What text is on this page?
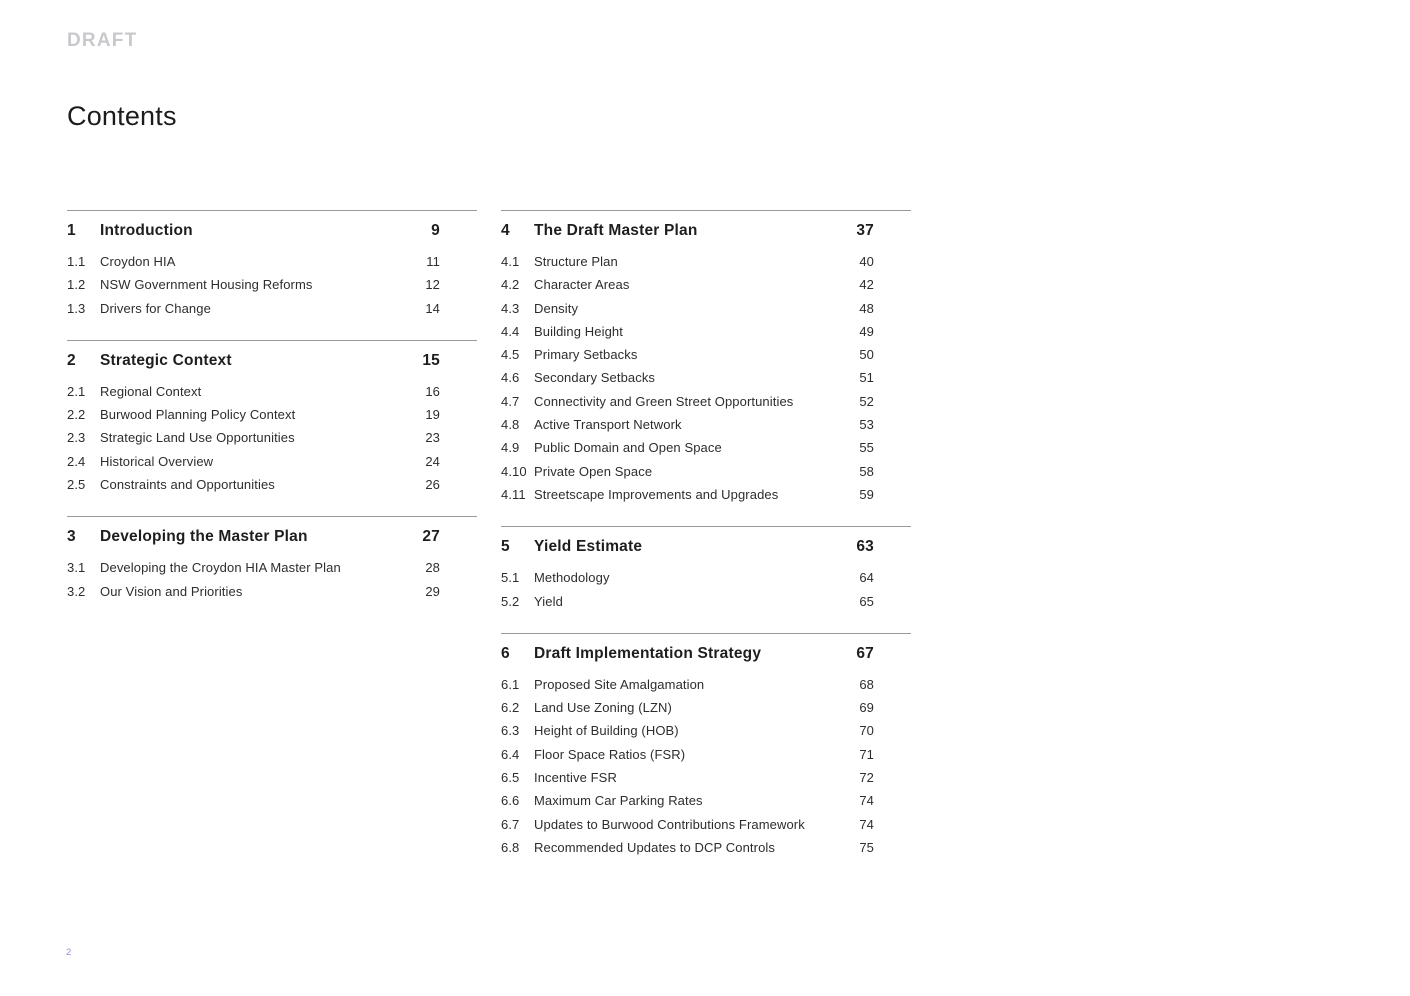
DRAFT
Contents
1	Introduction	9
1.1	Croydon HIA	11
1.2	NSW Government Housing Reforms	12
1.3	Drivers for Change	14
2	Strategic Context	15
2.1	Regional Context	16
2.2	Burwood Planning Policy Context	19
2.3	Strategic Land Use Opportunities	23
2.4	Historical Overview	24
2.5	Constraints and Opportunities	26
3	Developing the Master Plan	27
3.1	Developing the Croydon HIA Master Plan	28
3.2	Our Vision and Priorities	29
4	The Draft Master Plan	37
4.1	Structure Plan	40
4.2	Character Areas	42
4.3	Density	48
4.4	Building Height	49
4.5	Primary Setbacks	50
4.6	Secondary Setbacks	51
4.7	Connectivity and Green Street Opportunities	52
4.8	Active Transport Network	53
4.9	Public Domain and Open Space	55
4.10 Private Open Space	58
4.11 Streetscape Improvements and Upgrades	59
5	Yield Estimate	63
5.1	Methodology	64
5.2	Yield	65
6	Draft Implementation Strategy	67
6.1	Proposed Site Amalgamation	68
6.2	Land Use Zoning (LZN)	69
6.3	Height of Building (HOB)	70
6.4	Floor Space Ratios (FSR)	71
6.5	Incentive FSR	72
6.6	Maximum Car Parking Rates	74
6.7	Updates to Burwood Contributions Framework	74
6.8	Recommended Updates to DCP Controls	75
2
